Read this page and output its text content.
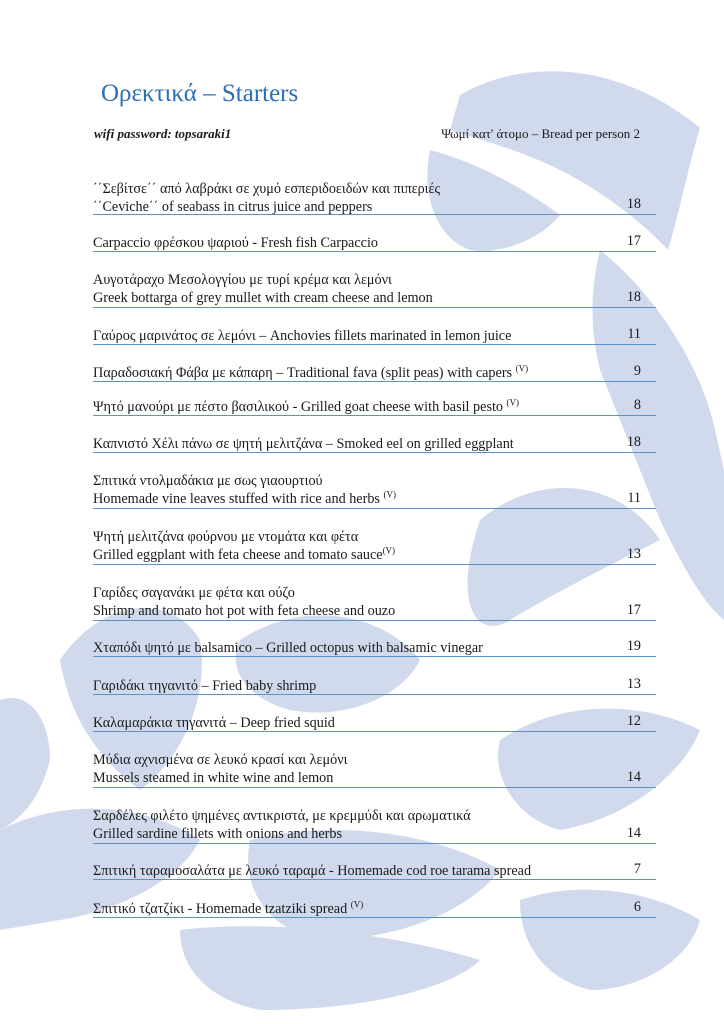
Ορεκτικά – Starters
wifi password: topsaraki1	Ψωμί κατ' άτομο – Bread per person 2
΄΄Σεβίτσε΄΄ από λαβράκι σε χυμό εσπεριδοειδών και πιπεριές
΄΄Ceviche΄΄ of seabass in citrus juice and peppers	18
Carpaccio φρέσκου ψαριού - Fresh fish Carpaccio	17
Αυγοτάραχο Μεσολογγίου με τυρί κρέμα και λεμόνι
Greek bottarga of grey mullet with cream cheese and lemon	18
Γαύρος μαρινάτος σε λεμόνι – Anchovies fillets marinated in lemon juice	11
Παραδοσιακή Φάβα με κάπαρη – Traditional fava (split peas) with capers $^{(V)}$	9
Ψητό μανούρι με πέστο βασιλικού - Grilled goat cheese with basil pesto $^{(V)}$	8
Καπνιστό Χέλι πάνω σε ψητή μελιτζάνα – Smoked eel on grilled eggplant	18
Σπιτικά ντολμαδάκια με σως γιαουρτιού
Homemade vine leaves stuffed with rice and herbs $^{(V)}$	11
Ψητή μελιτζάνα φούρνου με ντομάτα και φέτα
Grilled eggplant with feta cheese and tomato sauce$^{(V)}$	13
Γαρίδες σαγανάκι με φέτα και ούζο
Shrimp and tomato hot pot with feta cheese and ouzo	17
Χταπόδι ψητό με balsamico – Grilled octopus with balsamic vinegar	19
Γαριδάκι τηγανιτό – Fried baby shrimp	13
Καλαμαράκια τηγανιτά – Deep fried squid	12
Μύδια αχνισμένα σε λευκό κρασί και λεμόνι
Mussels steamed in white wine and lemon	14
Σαρδέλες φιλέτο ψημένες αντικριστά, με κρεμμύδι και αρωματικά
Grilled sardine fillets with onions and herbs	14
Σπιτική ταραμοσαλάτα με λευκό ταραμά - Homemade cod roe tarama spread	7
Σπιτικό τζατζίκι - Homemade tzatziki spread $^{(V)}$	6
